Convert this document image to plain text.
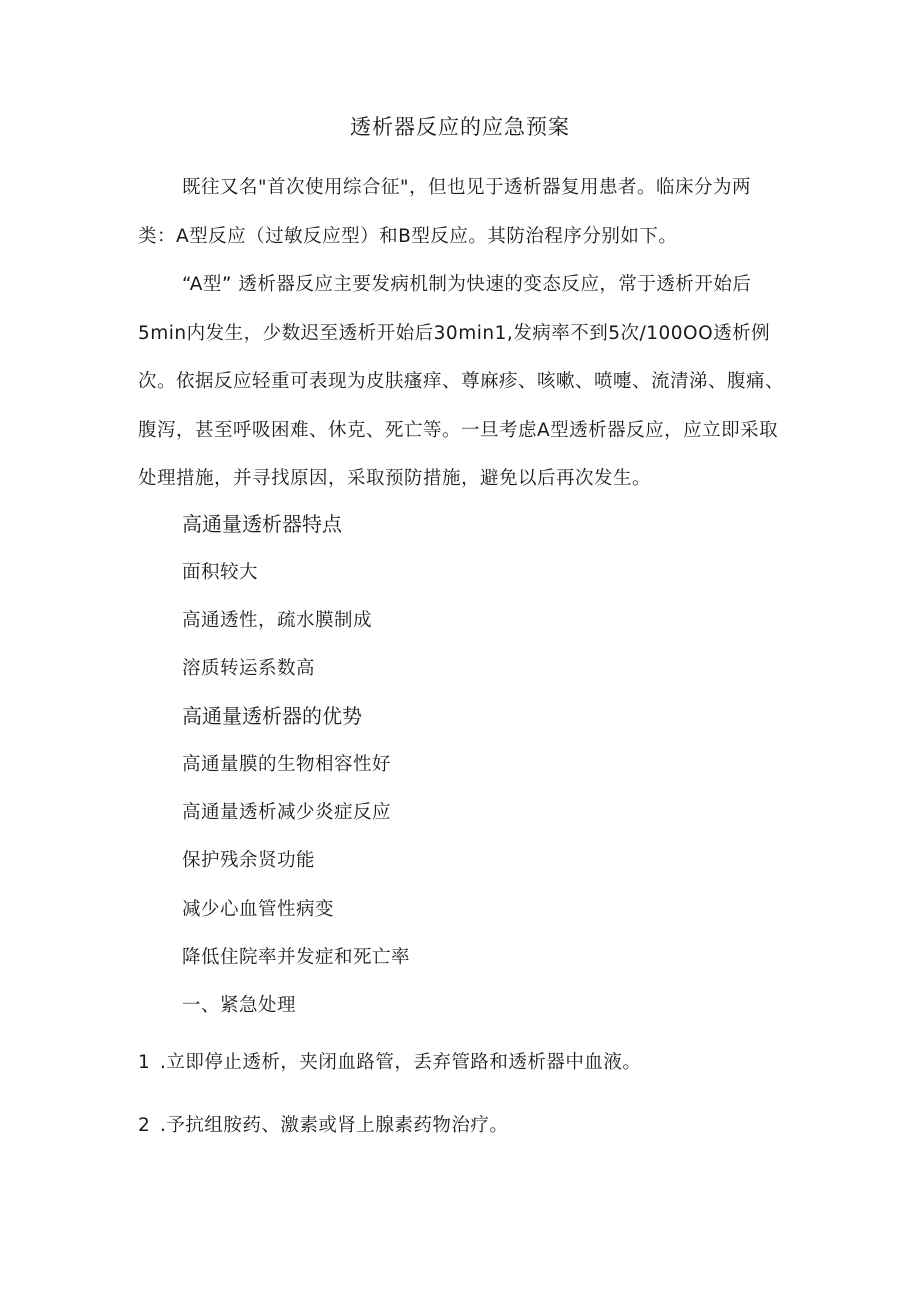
透析器反应的应急预案
既往又名"首次使用综合征"，但也见于透析器复用患者。临床分为两类：A型反应（过敏反应型）和B型反应。其防治程序分别如下。
“A型” 透析器反应主要发病机制为快速的变态反应，常于透析开始后5min内发生，少数迟至透析开始后30min1,发病率不到5次/100OO透析例次。依据反应轻重可表现为皮肤瘙痒、尊麻疹、咳嗽、喷嚏、流清涕、腹痛、腹泻，甚至呼吸困难、休克、死亡等。一旦考虑A型透析器反应，应立即采取处理措施，并寻找原因，采取预防措施，避免以后再次发生。
高通量透析器特点
面积较大
高通透性，疏水膜制成
溶质转运系数高
高通量透析器的优势
高通量膜的生物相容性好
高通量透析减少炎症反应
保护残余贤功能
减少心血管性病变
降低住院率并发症和死亡率
一、紧急处理
1 .立即停止透析，夹闭血路管，丢弃管路和透析器中血液。
2 .予抗组胺药、激素或肾上腺素药物治疗。
